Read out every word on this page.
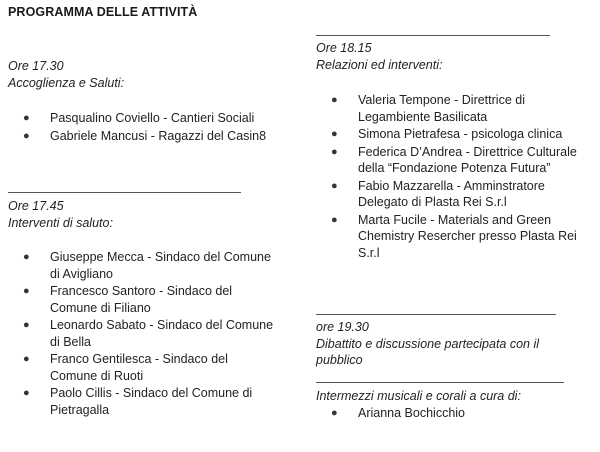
PROGRAMMA DELLE ATTIVITÀ
Ore 17.30
Accoglienza e Saluti:
● Pasqualino Coviello - Cantieri Sociali
● Gabriele Mancusi - Ragazzi del Casin8
Ore 17.45
Interventi di saluto:
● Giuseppe Mecca - Sindaco del Comune di Avigliano
● Francesco Santoro - Sindaco del Comune di Filiano
● Leonardo Sabato - Sindaco del Comune di Bella
● Franco Gentilesca - Sindaco del Comune di Ruoti
● Paolo Cillis - Sindaco del Comune di Pietragalla
Ore 18.15
Relazioni ed interventi:
● Valeria Tempone - Direttrice di Legambiente Basilicata
● Simona Pietrafesa - psicologa clinica
● Federica D’Andrea - Direttrice Culturale della “Fondazione Potenza Futura”
● Fabio Mazzarella - Amminstratore Delegato di Plasta Rei S.r.l
● Marta Fucile - Materials and Green Chemistry Resercher presso Plasta Rei S.r.l
ore 19.30
Dibattito e discussione partecipata con il pubblico
Intermezzi musicali e corali a cura di:
● Arianna Bochicchio
